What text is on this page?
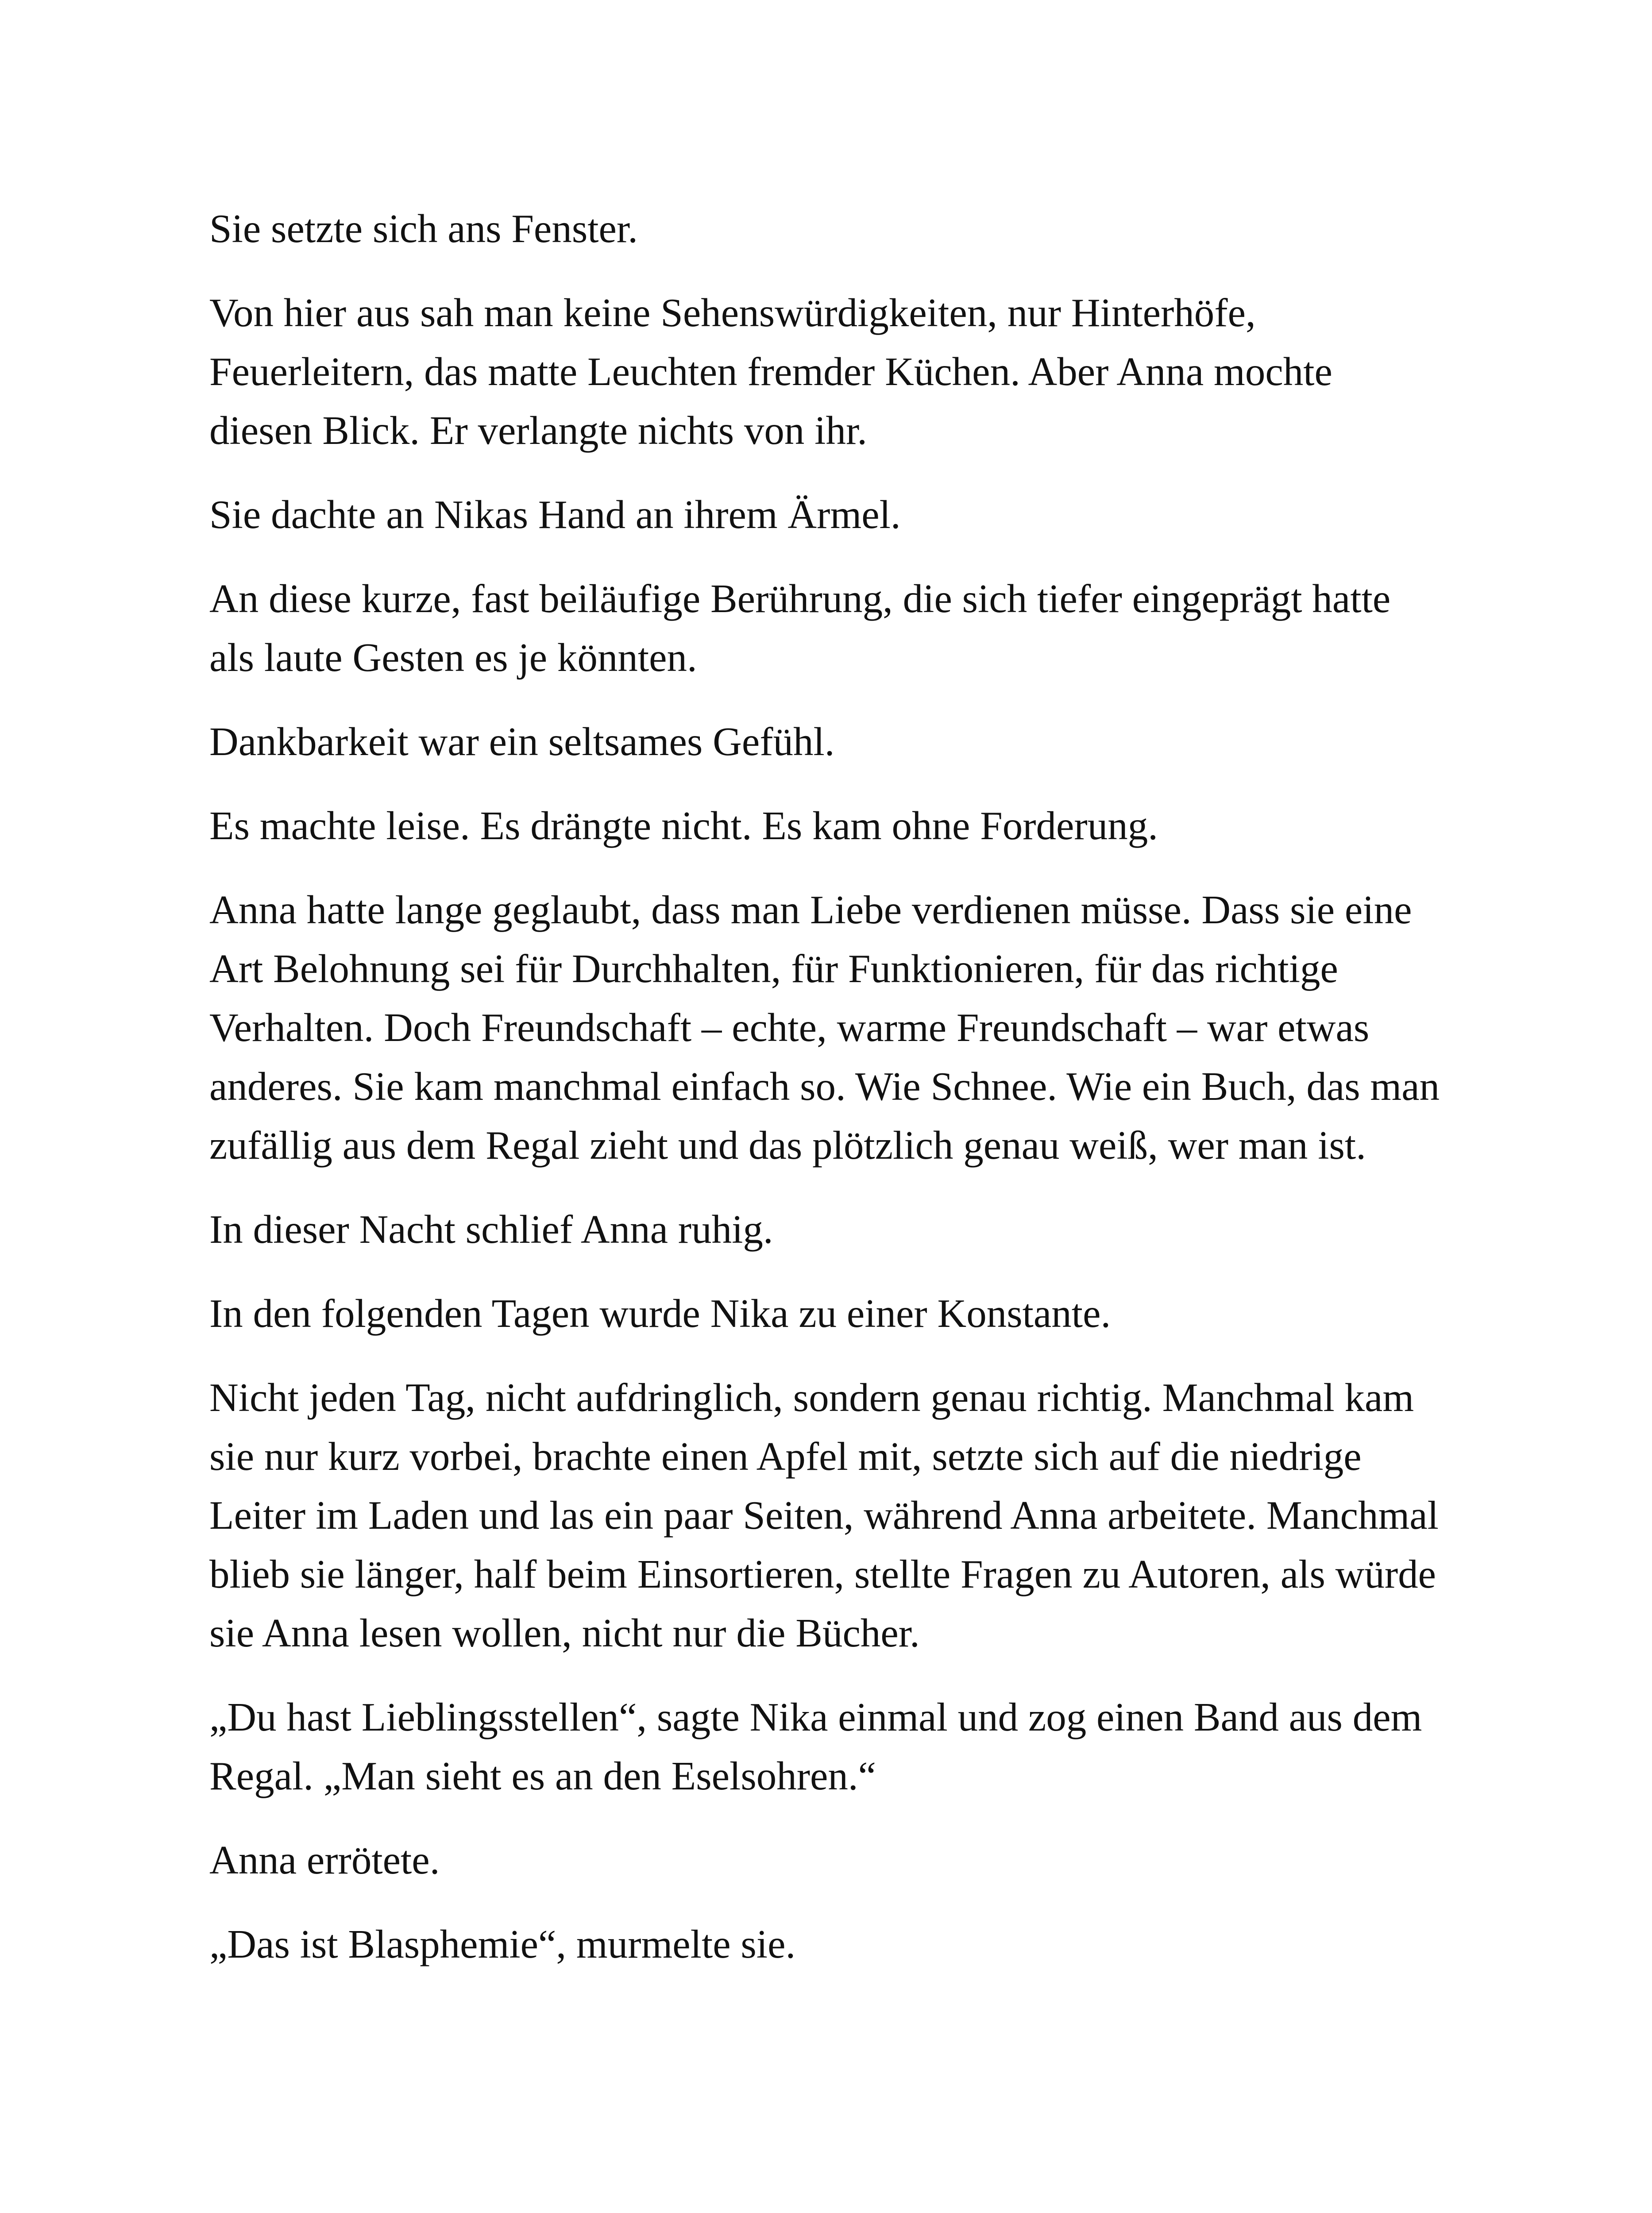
Sie setzte sich ans Fenster.

Von hier aus sah man keine Sehenswürdigkeiten, nur Hinterhöfe, Feuerleitern, das matte Leuchten fremder Küchen. Aber Anna mochte diesen Blick. Er verlangte nichts von ihr.

Sie dachte an Nikas Hand an ihrem Ärmel.

An diese kurze, fast beiläufige Berührung, die sich tiefer eingeprägt hatte als laute Gesten es je könnten.

Dankbarkeit war ein seltsames Gefühl.

Es machte leise. Es drängte nicht. Es kam ohne Forderung.

Anna hatte lange geglaubt, dass man Liebe verdienen müsse. Dass sie eine Art Belohnung sei für Durchhalten, für Funktionieren, für das richtige Verhalten. Doch Freundschaft – echte, warme Freundschaft – war etwas anderes. Sie kam manchmal einfach so. Wie Schnee. Wie ein Buch, das man zufällig aus dem Regal zieht und das plötzlich genau weiß, wer man ist.

In dieser Nacht schlief Anna ruhig.

In den folgenden Tagen wurde Nika zu einer Konstante.

Nicht jeden Tag, nicht aufdringlich, sondern genau richtig. Manchmal kam sie nur kurz vorbei, brachte einen Apfel mit, setzte sich auf die niedrige Leiter im Laden und las ein paar Seiten, während Anna arbeitete. Manchmal blieb sie länger, half beim Einsortieren, stellte Fragen zu Autoren, als würde sie Anna lesen wollen, nicht nur die Bücher.

„Du hast Lieblingsstellen“, sagte Nika einmal und zog einen Band aus dem Regal. „Man sieht es an den Eselsohren.“

Anna errötete.

„Das ist Blasphemie“, murmelte sie.
